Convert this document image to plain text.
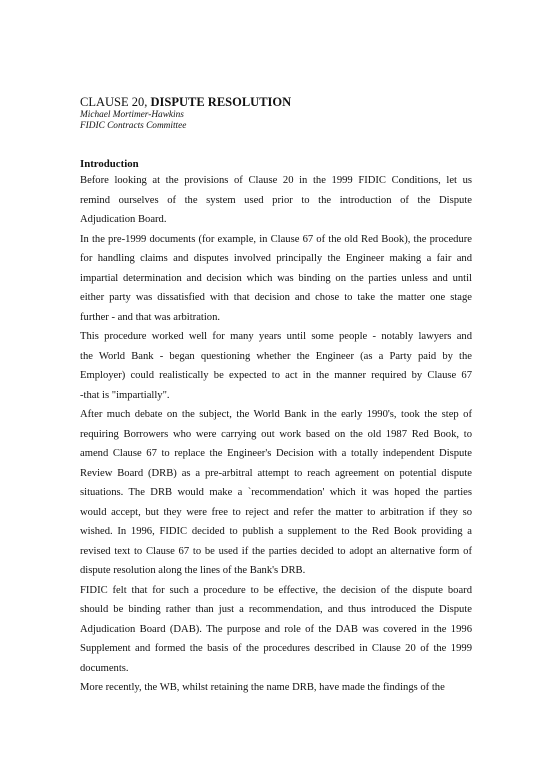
CLAUSE 20, DISPUTE RESOLUTION

Michael Mortimer-Hawkins

FIDIC Contracts Committee

Introduction

Before looking at the provisions of Clause 20 in the 1999 FIDIC Conditions, let us
remind ourselves of the system used prior to the introduction of the Dispute
Adjudication Board.
In the pre-1999 documents (for example, in Clause 67 of the old Red Book), the procedure
for handling claims and disputes involved principally the Engineer making a fair and
impartial determination and decision which was binding on the parties unless and until
either party was dissatisfied with that decision and chose to take the matter one stage
further - and that was arbitration.
This procedure worked well for many years until some people - notably lawyers and
the World Bank - began questioning whether the Engineer (as a Party paid by the
Employer) could realistically be expected to act in the manner required by Clause 67
-that is "impartially".
After much debate on the subject, the World Bank in the early 1990's, took the step of
requiring Borrowers who were carrying out work based on the old 1987 Red Book, to
amend Clause 67 to replace the Engineer's Decision with a totally independent Dispute
Review Board (DRB) as a pre-arbitral attempt to reach agreement on potential dispute
situations. The DRB would make a `recommendation' which it was hoped the parties
would accept, but they were free to reject and refer the matter to arbitration if they so
wished. In 1996, FIDIC decided to publish a supplement to the Red Book providing a
revised text to Clause 67 to be used if the parties decided to adopt an alternative form of
dispute resolution along the lines of the Bank's DRB.
FIDIC felt that for such a procedure to be effective, the decision of the dispute board
should be binding rather than just a recommendation, and thus introduced the Dispute
Adjudication Board (DAB). The purpose and role of the DAB was covered in the 1996
Supplement and formed the basis of the procedures described in Clause 20 of the 1999
documents.
More recently, the WB, whilst retaining the name DRB, have made the findings of the
